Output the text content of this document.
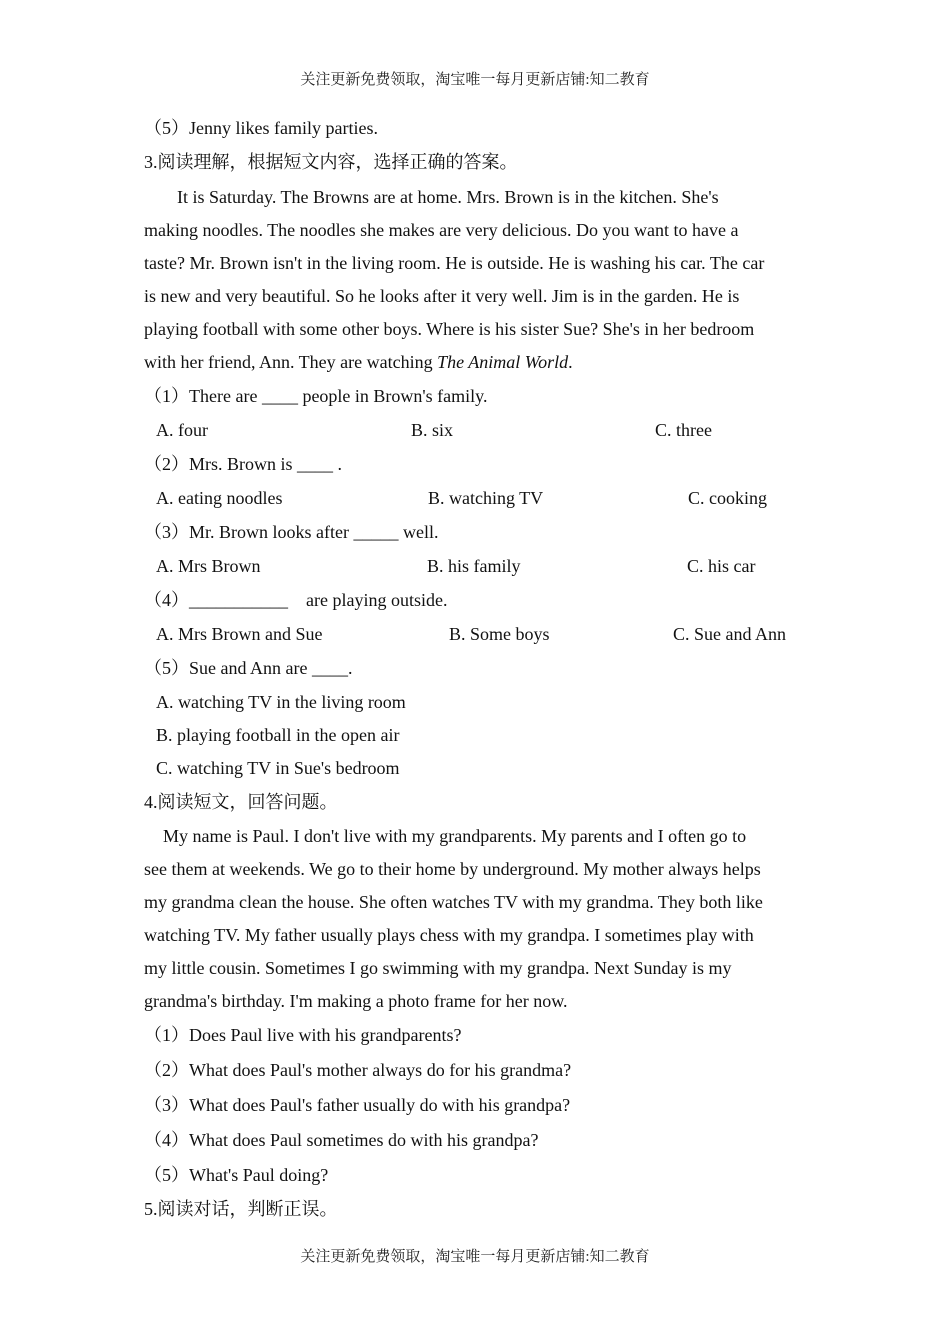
关注更新免费领取，淘宝唯一每月更新店铺:知二教育
（5）Jenny likes family parties.
3.阅读理解，根据短文内容，选择正确的答案。
It is Saturday. The Browns are at home. Mrs. Brown is in the kitchen. She's
making noodles. The noodles she makes are very delicious. Do you want to have a
taste? Mr. Brown isn't in the living room. He is outside. He is washing his car. The car
is new and very beautiful. So he looks after it very well. Jim is in the garden. He is
playing football with some other boys. Where is his sister Sue? She's in her bedroom
with her friend, Ann. They are watching The Animal World.
（1）There are ____ people in Brown's family.
A. four	B. six	C. three
（2）Mrs. Brown is ____ .
A. eating noodles	B. watching TV	C. cooking
（3）Mr. Brown looks after _____ well.
A. Mrs Brown	B. his family	C. his car
（4）___________    are playing outside.
A. Mrs Brown and Sue	B. Some boys	C. Sue and Ann
（5）Sue and Ann are ____.
A. watching TV in the living room
B. playing football in the open air
C. watching TV in Sue's bedroom
4.阅读短文，回答问题。
My name is Paul. I don't live with my grandparents. My parents and I often go to
see them at weekends. We go to their home by underground. My mother always helps
my grandma clean the house. She often watches TV with my grandma. They both like
watching TV. My father usually plays chess with my grandpa. I sometimes play with
my little cousin. Sometimes I go swimming with my grandpa. Next Sunday is my
grandma's birthday. I'm making a photo frame for her now.
（1）Does Paul live with his grandparents?
（2）What does Paul's mother always do for his grandma?
（3）What does Paul's father usually do with his grandpa?
（4）What does Paul sometimes do with his grandpa?
（5）What's Paul doing?
5.阅读对话，判断正误。
关注更新免费领取，淘宝唯一每月更新店铺:知二教育
